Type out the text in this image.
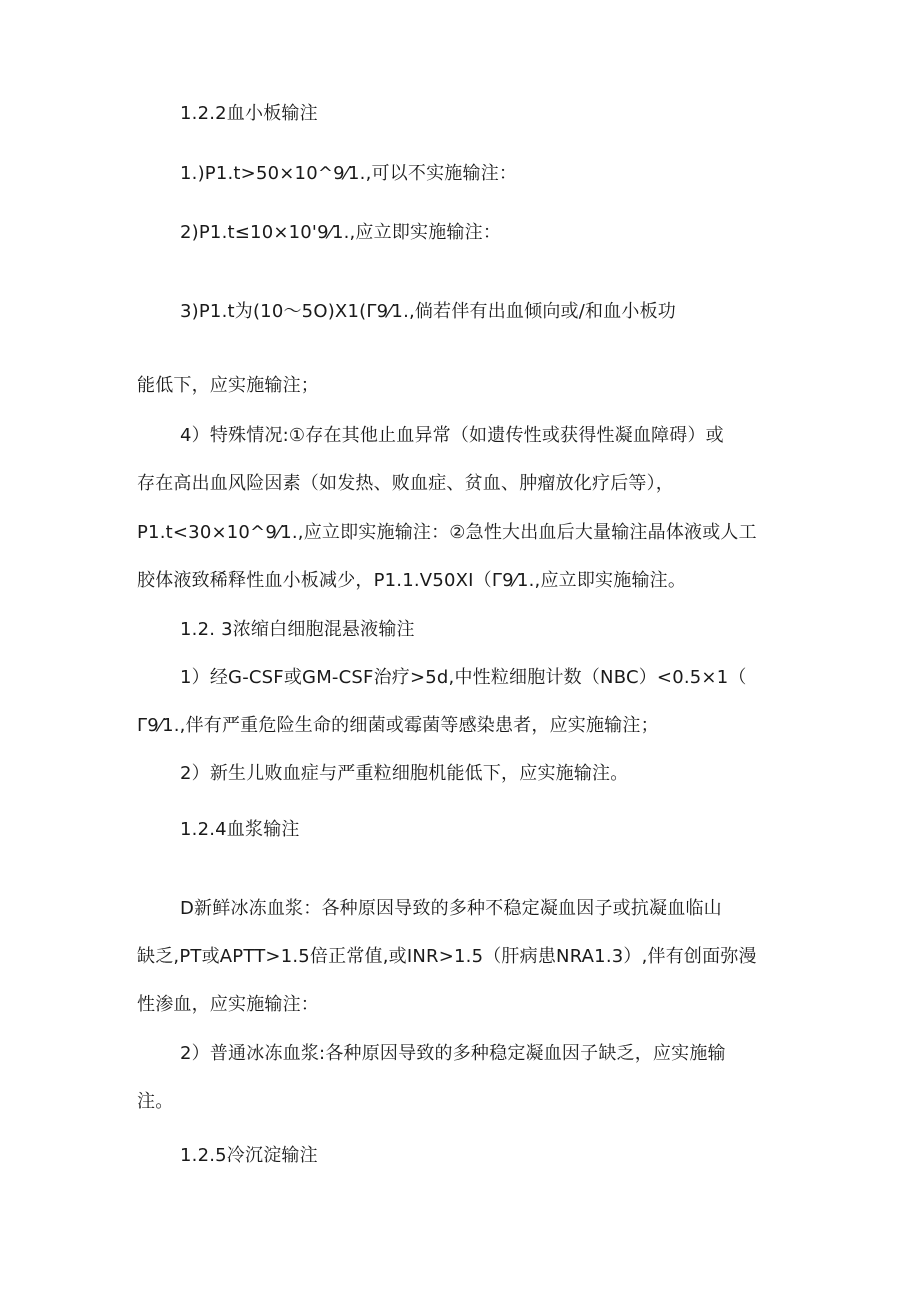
1.2.2血小板输注
1.)P1.t>50×10^9⁄1.,可以不实施输注：
2)P1.t≤10×10'9⁄1.,应立即实施输注：
3)P1.t为(10～5O)X1(Γ9⁄1.,倘若伴有出血倾向或/和血小板功
能低下，应实施输注；
4）特殊情况:①存在其他止血异常（如遗传性或获得性凝血障碍）或
存在高出血风险因素（如发热、败血症、贫血、肿瘤放化疗后等），
P1.t<30×10^9⁄1.,应立即实施输注：②急性大出血后大量输注晶体液或人工
胶体液致稀释性血小板减少，P1.1.V50XI（Γ9⁄1.,应立即实施输注。
1.2. 3浓缩白细胞混悬液输注
1）经G-CSF或GM-CSF治疗>5d,中性粒细胞计数（NBC）<0.5×1（
Γ9⁄1.,伴有严重危险生命的细菌或霉菌等感染患者，应实施输注；
2）新生儿败血症与严重粒细胞机能低下，应实施输注。
1.2.4血浆输注
D新鲜冰冻血浆：各种原因导致的多种不稳定凝血因子或抗凝血临山
缺乏,PT或APTT>1.5倍正常值,或INR>1.5（肝病患NRA1.3）,伴有创面弥漫
性渗血，应实施输注：
2）普通冰冻血浆:各种原因导致的多种稳定凝血因子缺乏，应实施输
注。
1.2.5冷沉淀输注
